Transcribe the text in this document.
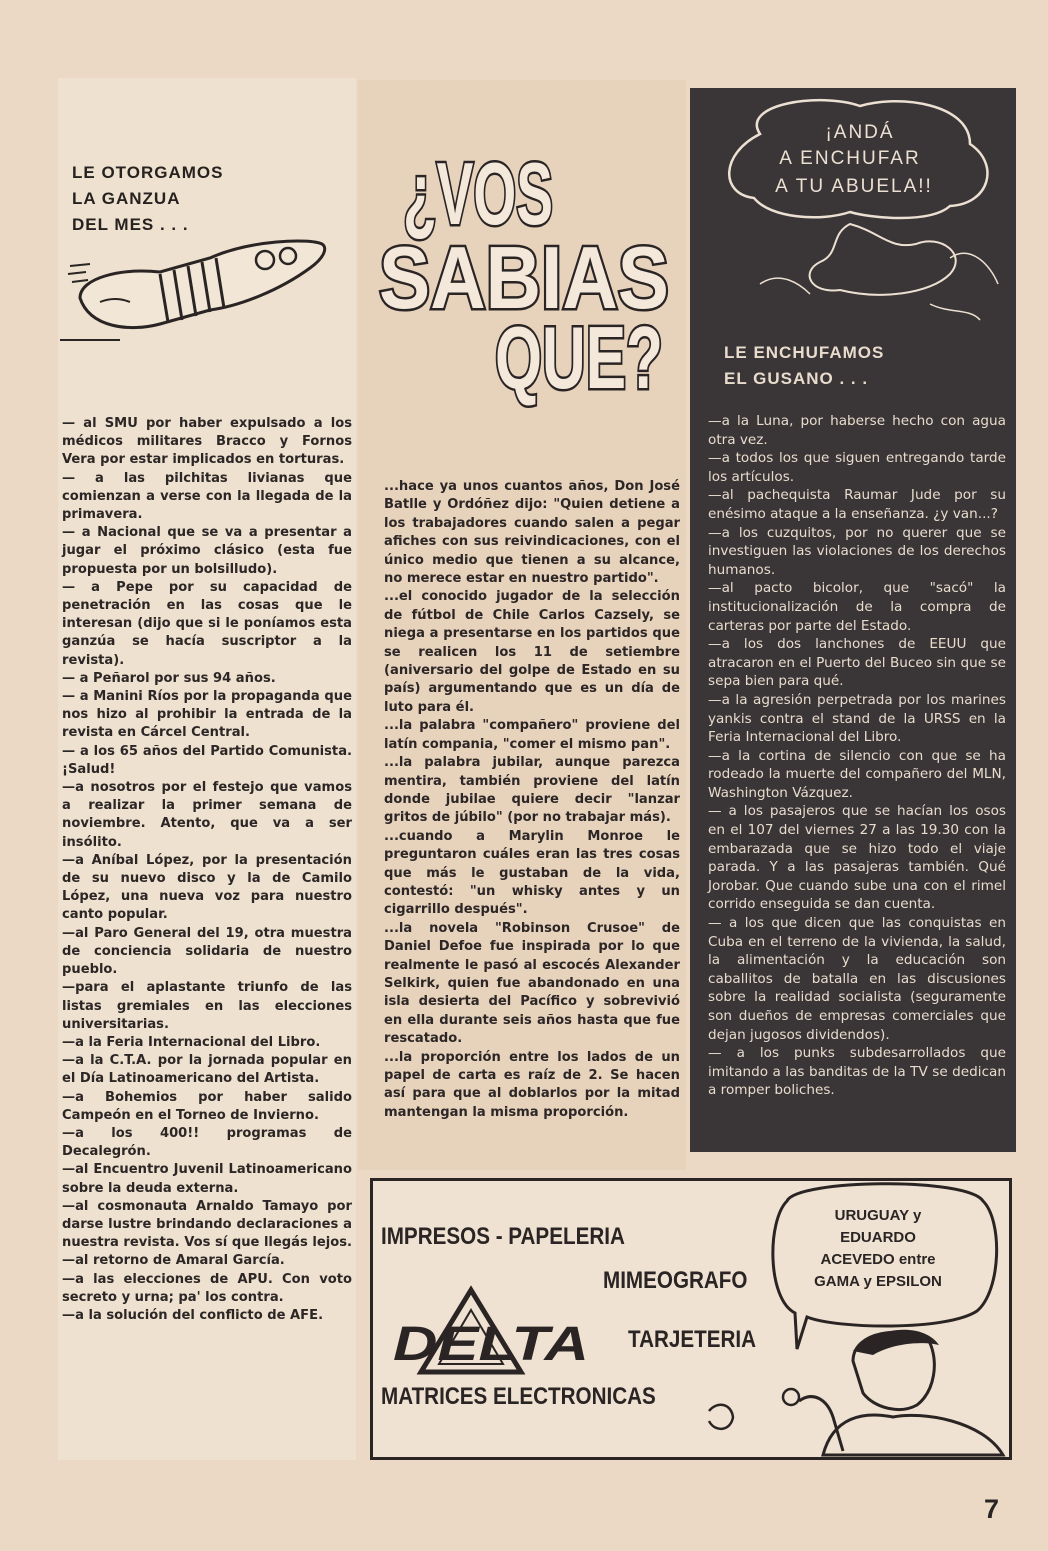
LE OTORGAMOS
LA GANZUA
DEL MES . . .

— al SMU por haber expulsado a los médicos militares Bracco y Fornos Vera por estar implicados en torturas.

— a las pilchitas livianas que comienzan a verse con la llegada de la primavera.

— a Nacional que se va a presentar a jugar el próximo clásico (esta fue propuesta por un bolsilludo).

— a Pepe por su capacidad de penetración en las cosas que le interesan (dijo que si le poníamos esta ganzúa se hacía suscriptor a la revista).

— a Peñarol por sus 94 años.

— a Manini Ríos por la propaganda que nos hizo al prohibir la entrada de la revista en Cárcel Central.

— a los 65 años del Partido Comunista. ¡Salud!

—a nosotros por el festejo que vamos a realizar la primer semana de noviembre. Atento, que va a ser insólito.

—a Aníbal López, por la presentación de su nuevo disco y la de Camilo López, una nueva voz para nuestro canto popular.

—al Paro General del 19, otra muestra de conciencia solidaria de nuestro pueblo.

—para el aplastante triunfo de las listas gremiales en las elecciones universitarias.

—a la Feria Internacional del Libro.

—a la C.T.A. por la jornada popular en el Día Latinoamericano del Artista.

—a Bohemios por haber salido Campeón en el Torneo de Invierno.

—a los 400!! programas de Decalegrón.

—al Encuentro Juvenil Latinoamericano sobre la deuda externa.

—al cosmonauta Arnaldo Tamayo por darse lustre brindando declaraciones a nuestra revista. Vos sí que llegás lejos.

—al retorno de Amaral García.

—a las elecciones de APU. Con voto secreto y urna; pa' los contra.

—a la solución del conflicto de AFE.

¿VOS
SABIAS
QUE?

...hace ya unos cuantos años, Don José Batlle y Ordóñez dijo: "Quien detiene a los trabajadores cuando salen a pegar afiches con sus reivindicaciones, con el único medio que tienen a su alcance, no merece estar en nuestro partido".

...el conocido jugador de la selección de fútbol de Chile Carlos Cazsely, se niega a presentarse en los partidos que se realicen los 11 de setiembre (aniversario del golpe de Estado en su país) argumentando que es un día de luto para él.

...la palabra "compañero" proviene del latín compania, "comer el mismo pan".

...la palabra jubilar, aunque parezca mentira, también proviene del latín donde jubilae quiere decir "lanzar gritos de júbilo" (por no trabajar más).

...cuando a Marylin Monroe le preguntaron cuáles eran las tres cosas que más le gustaban de la vida, contestó: "un whisky antes y un cigarrillo después".

...la novela "Robinson Crusoe" de Daniel Defoe fue inspirada por lo que realmente le pasó al escocés Alexander Selkirk, quien fue abandonado en una isla desierta del Pacífico y sobrevivió en ella durante seis años hasta que fue rescatado.

...la proporción entre los lados de un papel de carta es raíz de 2. Se hacen así para que al doblarlos por la mitad mantengan la misma proporción.

¡ANDÁ
A ENCHUFAR
A TU ABUELA!!
LE ENCHUFAMOS
EL GUSANO . . .

—a la Luna, por haberse hecho con agua otra vez.

—a todos los que siguen entregando tarde los artículos.

—al pachequista Raumar Jude por su enésimo ataque a la enseñanza. ¿y van...?

—a los cuzquitos, por no querer que se investiguen las violaciones de los derechos humanos.

—al pacto bicolor, que "sacó" la institucionalización de la compra de carteras por parte del Estado.

—a los dos lanchones de EEUU que atracaron en el Puerto del Buceo sin que se sepa bien para qué.

—a la agresión perpetrada por los marines yankis contra el stand de la URSS en la Feria Internacional del Libro.

—a la cortina de silencio con que se ha rodeado la muerte del compañero del MLN, Washington Vázquez.

— a los pasajeros que se hacían los osos en el 107 del viernes 27 a las 19.30 con la embarazada que se hizo todo el viaje parada. Y a las pasajeras también. Qué Jorobar. Que cuando sube una con el rimel corrido enseguida se dan cuenta.

— a los que dicen que las conquistas en Cuba en el terreno de la vivienda, la salud, la alimentación y la educación son caballitos de batalla en las discusiones sobre la realidad socialista (seguramente son dueños de empresas comerciales que dejan jugosos dividendos).

— a los punks subdesarrollados que imitando a las banditas de la TV se dedican a romper boliches.

IMPRESOS - PAPELERIA
MIMEOGRAFO
DELTA TARJETERIA
MATRICES ELECTRONICAS
URUGUAY y
EDUARDO
ACEVEDO entre
GAMA y EPSILON
7
